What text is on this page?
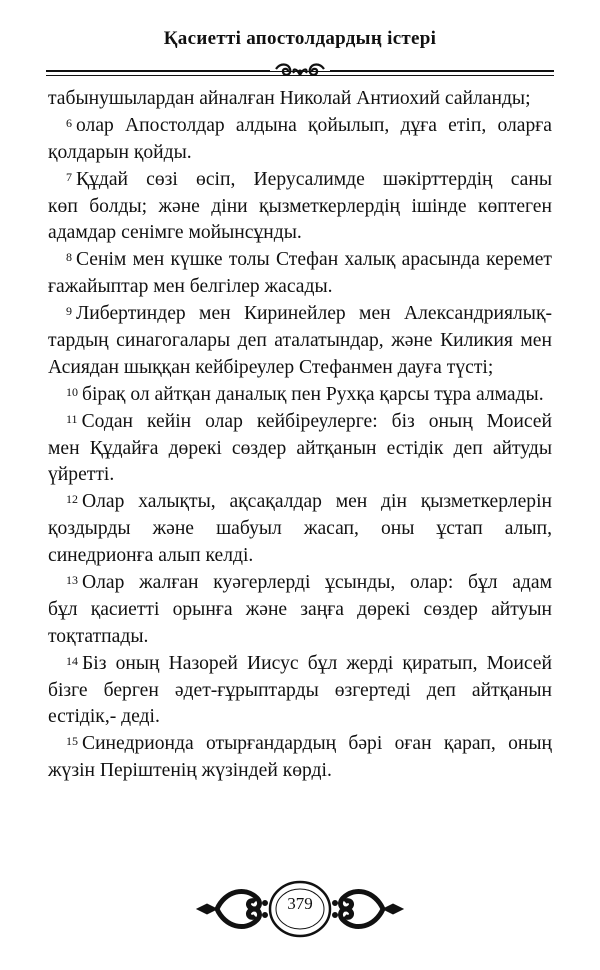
Қасиетті апостолдардың істері
табынушылардан айналған Николай Антиохий сайланды;
$^6$ олар Апостолдар алдына қойылып, дұға етіп, оларға
қолдарын қойды.
$^7$ Құдай сөзі өсіп, Иерусалимде шәкірттердің саны
көп болды; және діни қызметкерлердің ішінде көптеген
адамдар сенімге мойынсұнды.
$^8$ Сенім мен күшке толы Стефан халық арасында керемет
ғажайыптар мен белгілер жасады.
$^9$ Либертиндер мен Киринейлер мен Александриялық-
тардың синагогалары деп аталатындар, және Киликия мен
Асиядан шыққан кейбіреулер Стефанмен дауға түсті;
$^{10}$ бірақ ол айтқан даналық пен Рухқа қарсы тұра алмады.
$^{11}$ Содан кейін олар кейбіреулерге: біз оның Моисей
мен Құдайға дөрекі сөздер айтқанын естідік деп айтуды
үйретті.
$^{12}$ Олар халықты, ақсақалдар мен дін қызметкерлерін
қоздырды және шабуыл жасап, оны ұстап алып,
синедрионға алып келді.
$^{13}$ Олар жалған куәгерлерді ұсынды, олар: бұл адам
бұл қасиетті орынға және заңға дөрекі сөздер айтуын
тоқтатпады.
$^{14}$ Біз оның Назорей Иисус бұл жерді қиратып, Моисей
бізге берген әдет-ғұрыптарды өзгертеді деп айтқанын
естідік,- деді.
$^{15}$ Синедрионда отырғандардың бәрі оған қарап, оның
жүзін Періштенің жүзіндей көрді.
379
